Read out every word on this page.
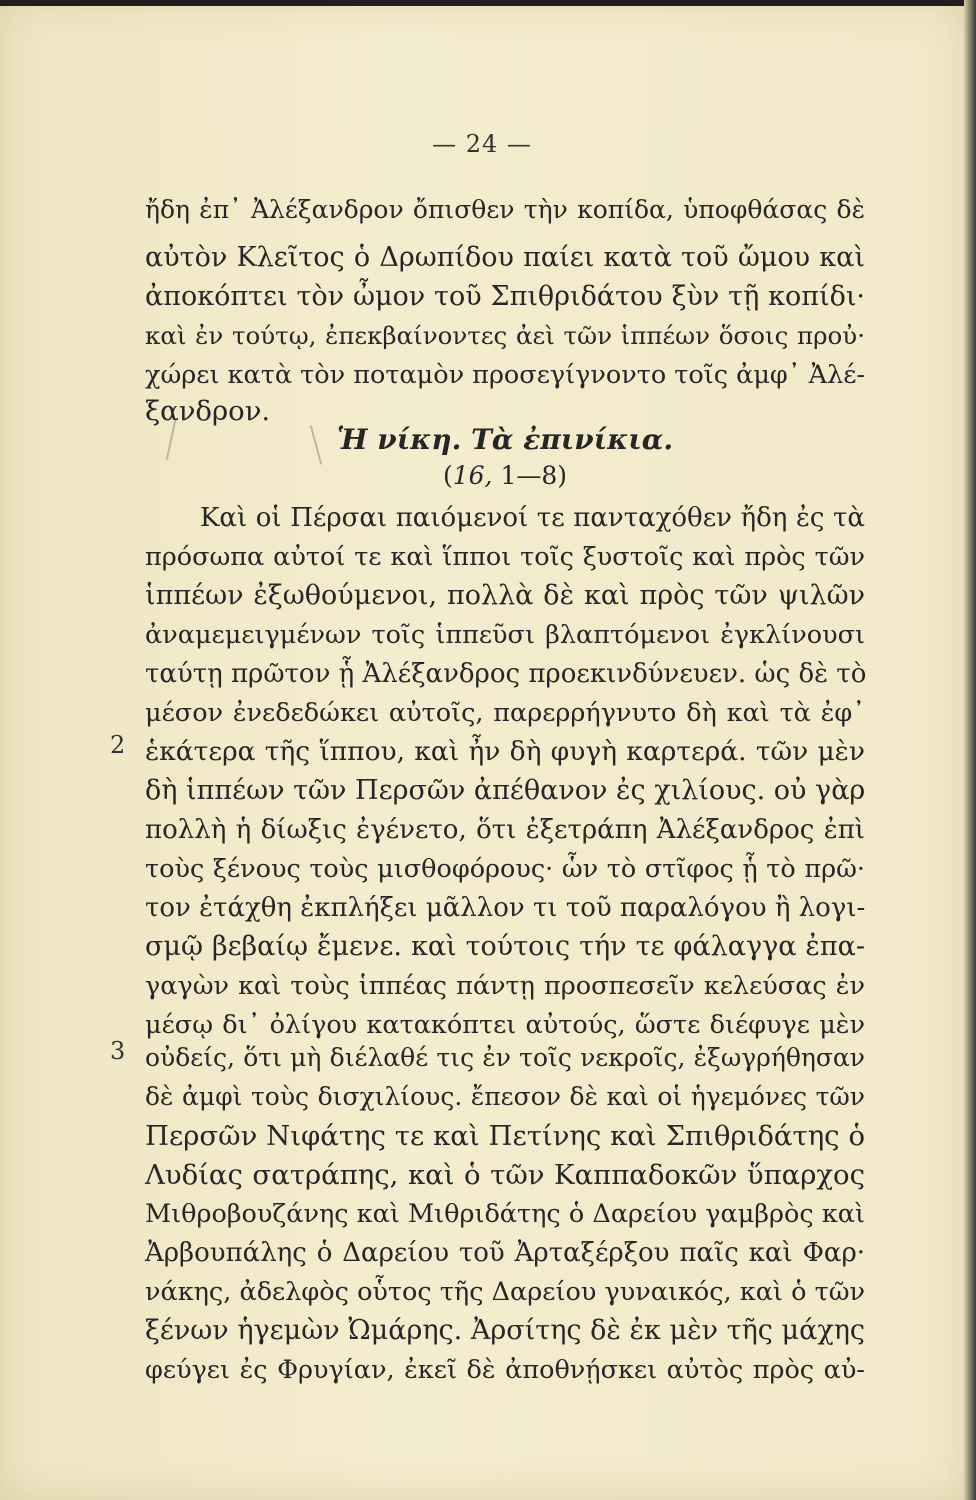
— 24 —
ἤδη ἐπ᾽ Ἀλέξανδρον ὄπισθεν τὴν κοπίδα, ὑποφθάσας δὲ
αὐτὸν Κλεῖτος ὁ Δρωπίδου παίει κατὰ τοῦ ὤμου καὶ
ἀποκόπτει τὸν ὦμον τοῦ Σπιθριδάτου ξὺν τῇ κοπίδι·
καὶ ἐν τούτῳ, ἐπεκβαίνοντες ἀεὶ τῶν ἱππέων ὅσοις προὐ·
χώρει κατὰ τὸν ποταμὸν προσεγίγνοντο τοῖς ἀμφ᾽ Ἀλέ-
ξανδρον.
Ἡ νίκη. Τὰ ἐπινίκια.
(16, 1—8)
Καὶ οἱ Πέρσαι παιόμενοί τε πανταχόθεν ἤδη ἐς τὰ
πρόσωπα αὐτοί τε καὶ ἵπποι τοῖς ξυστοῖς καὶ πρὸς τῶν
ἱππέων ἐξωθούμενοι, πολλὰ δὲ καὶ πρὸς τῶν ψιλῶν
ἀναμεμειγμένων τοῖς ἱππεῦσι βλαπτόμενοι ἐγκλίνουσι
ταύτῃ πρῶτον ᾗ Ἀλέξανδρος προεκινδύνευεν. ὡς δὲ τὸ
μέσον ἐνεδεδώκει αὐτοῖς, παρερρήγνυτο δὴ καὶ τὰ ἐφ᾽
2 ἑκάτερα τῆς ἵππου, καὶ ἦν δὴ φυγὴ καρτερά. τῶν μὲν
δὴ ἱππέων τῶν Περσῶν ἀπέθανον ἐς χιλίους. οὐ γὰρ
πολλὴ ἡ δίωξις ἐγένετο, ὅτι ἐξετράπη Ἀλέξανδρος ἐπὶ
τοὺς ξένους τοὺς μισθοφόρους· ὧν τὸ στῖφος ᾗ τὸ πρῶ·
τον ἐτάχθη ἐκπλήξει μᾶλλον τι τοῦ παραλόγου ἢ λογι-
σμῷ βεβαίῳ ἔμενε. καὶ τούτοις τήν τε φάλαγγα ἐπα-
γαγὼν καὶ τοὺς ἱππέας πάντῃ προσπεσεῖν κελεύσας ἐν
μέσῳ δι᾽ ὀλίγου κατακόπτει αὐτούς, ὥστε διέφυγε μὲν
3 οὐδείς, ὅτι μὴ διέλαθέ τις ἐν τοῖς νεκροῖς, ἐξωγρήθησαν
δὲ ἀμφὶ τοὺς δισχιλίους. ἔπεσον δὲ καὶ οἱ ἡγεμόνες τῶν
Περσῶν Νιφάτης τε καὶ Πετίνης καὶ Σπιθριδάτης ὁ
Λυδίας σατράπης, καὶ ὁ τῶν Καππαδοκῶν ὕπαρχος
Μιθροβουζάνης καὶ Μιθριδάτης ὁ Δαρείου γαμβρὸς καὶ
Ἀρβουπάλης ὁ Δαρείου τοῦ Ἀρταξέρξου παῖς καὶ Φαρ·
νάκης, ἀδελφὸς οὗτος τῆς Δαρείου γυναικός, καὶ ὁ τῶν
ξένων ἡγεμὼν Ὠμάρης. Ἀρσίτης δὲ ἐκ μὲν τῆς μάχης
φεύγει ἐς Φρυγίαν, ἐκεῖ δὲ ἀποθνῄσκει αὐτὸς πρὸς αὐ-
